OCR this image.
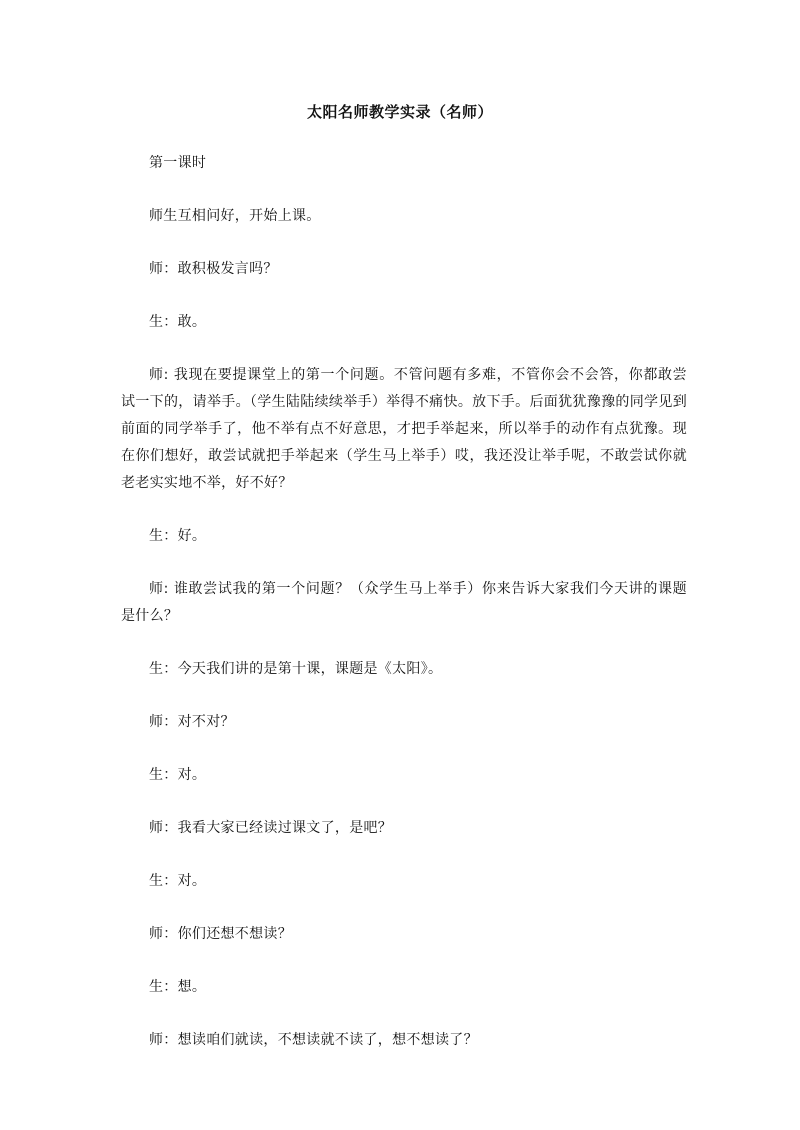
太阳名师教学实录（名师）

第一课时

师生互相问好，开始上课。

师：敢积极发言吗？

生：敢。

师: 我现在要提课堂上的第一个问题。不管问题有多难，不管你会不会答，你都敢尝试一下的，请举手。（学生陆陆续续举手）举得不痛快。放下手。后面犹犹豫豫的同学见到前面的同学举手了，他不举有点不好意思，才把手举起来，所以举手的动作有点犹豫。现在你们想好，敢尝试就把手举起来（学生马上举手）哎，我还没让举手呢，不敢尝试你就老老实实地不举，好不好？

生：好。

师: 谁敢尝试我的第一个问题？（众学生马上举手）你来告诉大家我们今天讲的课题是什么？

生：今天我们讲的是第十课，课题是《太阳》。

师：对不对？

生：对。

师：我看大家已经读过课文了，是吧？

生：对。

师：你们还想不想读？

生：想。

师：想读咱们就读，不想读就不读了，想不想读了？
